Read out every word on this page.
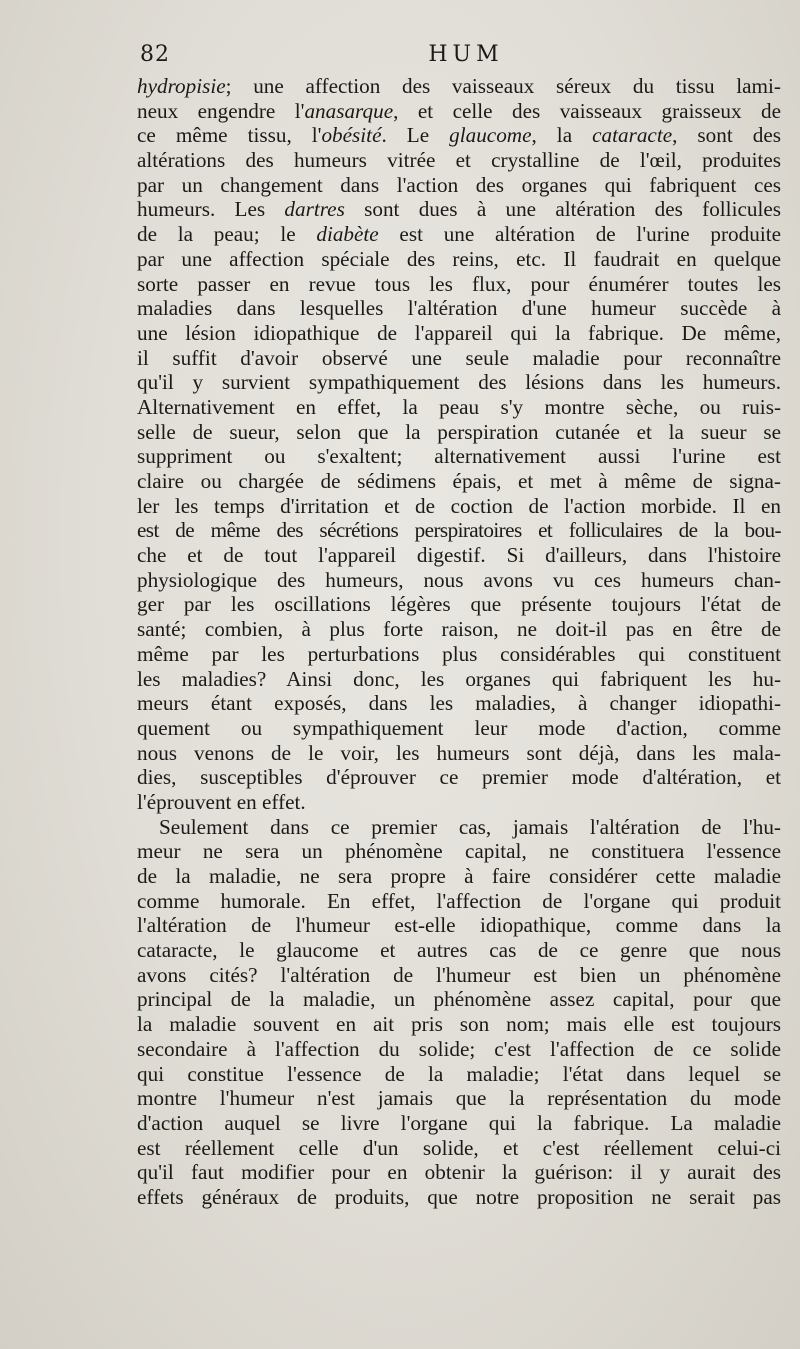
82	HUM
hydropisie; une affection des vaisseaux séreux du tissu lami-
neux engendre l'anasarque, et celle des vaisseaux graisseux de
ce même tissu, l'obésité. Le glaucome, la cataracte, sont des
altérations des humeurs vitrée et crystalline de l'œil, produites
par un changement dans l'action des organes qui fabriquent ces
humeurs. Les dartres sont dues à une altération des follicules
de la peau; le diabète est une altération de l'urine produite
par une affection spéciale des reins, etc. Il faudrait en quelque
sorte passer en revue tous les flux, pour énumérer toutes les
maladies dans lesquelles l'altération d'une humeur succède à
une lésion idiopathique de l'appareil qui la fabrique. De même,
il suffit d'avoir observé une seule maladie pour reconnaître
qu'il y survient sympathiquement des lésions dans les humeurs.
Alternativement en effet, la peau s'y montre sèche, ou ruis-
selle de sueur, selon que la perspiration cutanée et la sueur se
suppriment ou s'exaltent; alternativement aussi l'urine est
claire ou chargée de sédimens épais, et met à même de signa-
ler les temps d'irritation et de coction de l'action morbide. Il en
est de même des sécrétions perspiratoires et folliculaires de la bou-
che et de tout l'appareil digestif. Si d'ailleurs, dans l'histoire
physiologique des humeurs, nous avons vu ces humeurs chan-
ger par les oscillations légères que présente toujours l'état de
santé; combien, à plus forte raison, ne doit-il pas en être de
même par les perturbations plus considérables qui constituent
les maladies? Ainsi donc, les organes qui fabriquent les hu-
meurs étant exposés, dans les maladies, à changer idiopathi-
quement ou sympathiquement leur mode d'action, comme
nous venons de le voir, les humeurs sont déjà, dans les mala-
dies, susceptibles d'éprouver ce premier mode d'altération, et
l'éprouvent en effet.
Seulement dans ce premier cas, jamais l'altération de l'hu-
meur ne sera un phénomène capital, ne constituera l'essence
de la maladie, ne sera propre à faire considérer cette maladie
comme humorale. En effet, l'affection de l'organe qui produit
l'altération de l'humeur est-elle idiopathique, comme dans la
cataracte, le glaucome et autres cas de ce genre que nous
avons cités? l'altération de l'humeur est bien un phénomène
principal de la maladie, un phénomène assez capital, pour que
la maladie souvent en ait pris son nom; mais elle est toujours
secondaire à l'affection du solide; c'est l'affection de ce solide
qui constitue l'essence de la maladie; l'état dans lequel se
montre l'humeur n'est jamais que la représentation du mode
d'action auquel se livre l'organe qui la fabrique. La maladie
est réellement celle d'un solide, et c'est réellement celui-ci
qu'il faut modifier pour en obtenir la guérison: il y aurait des
effets généraux de produits, que notre proposition ne serait pas
